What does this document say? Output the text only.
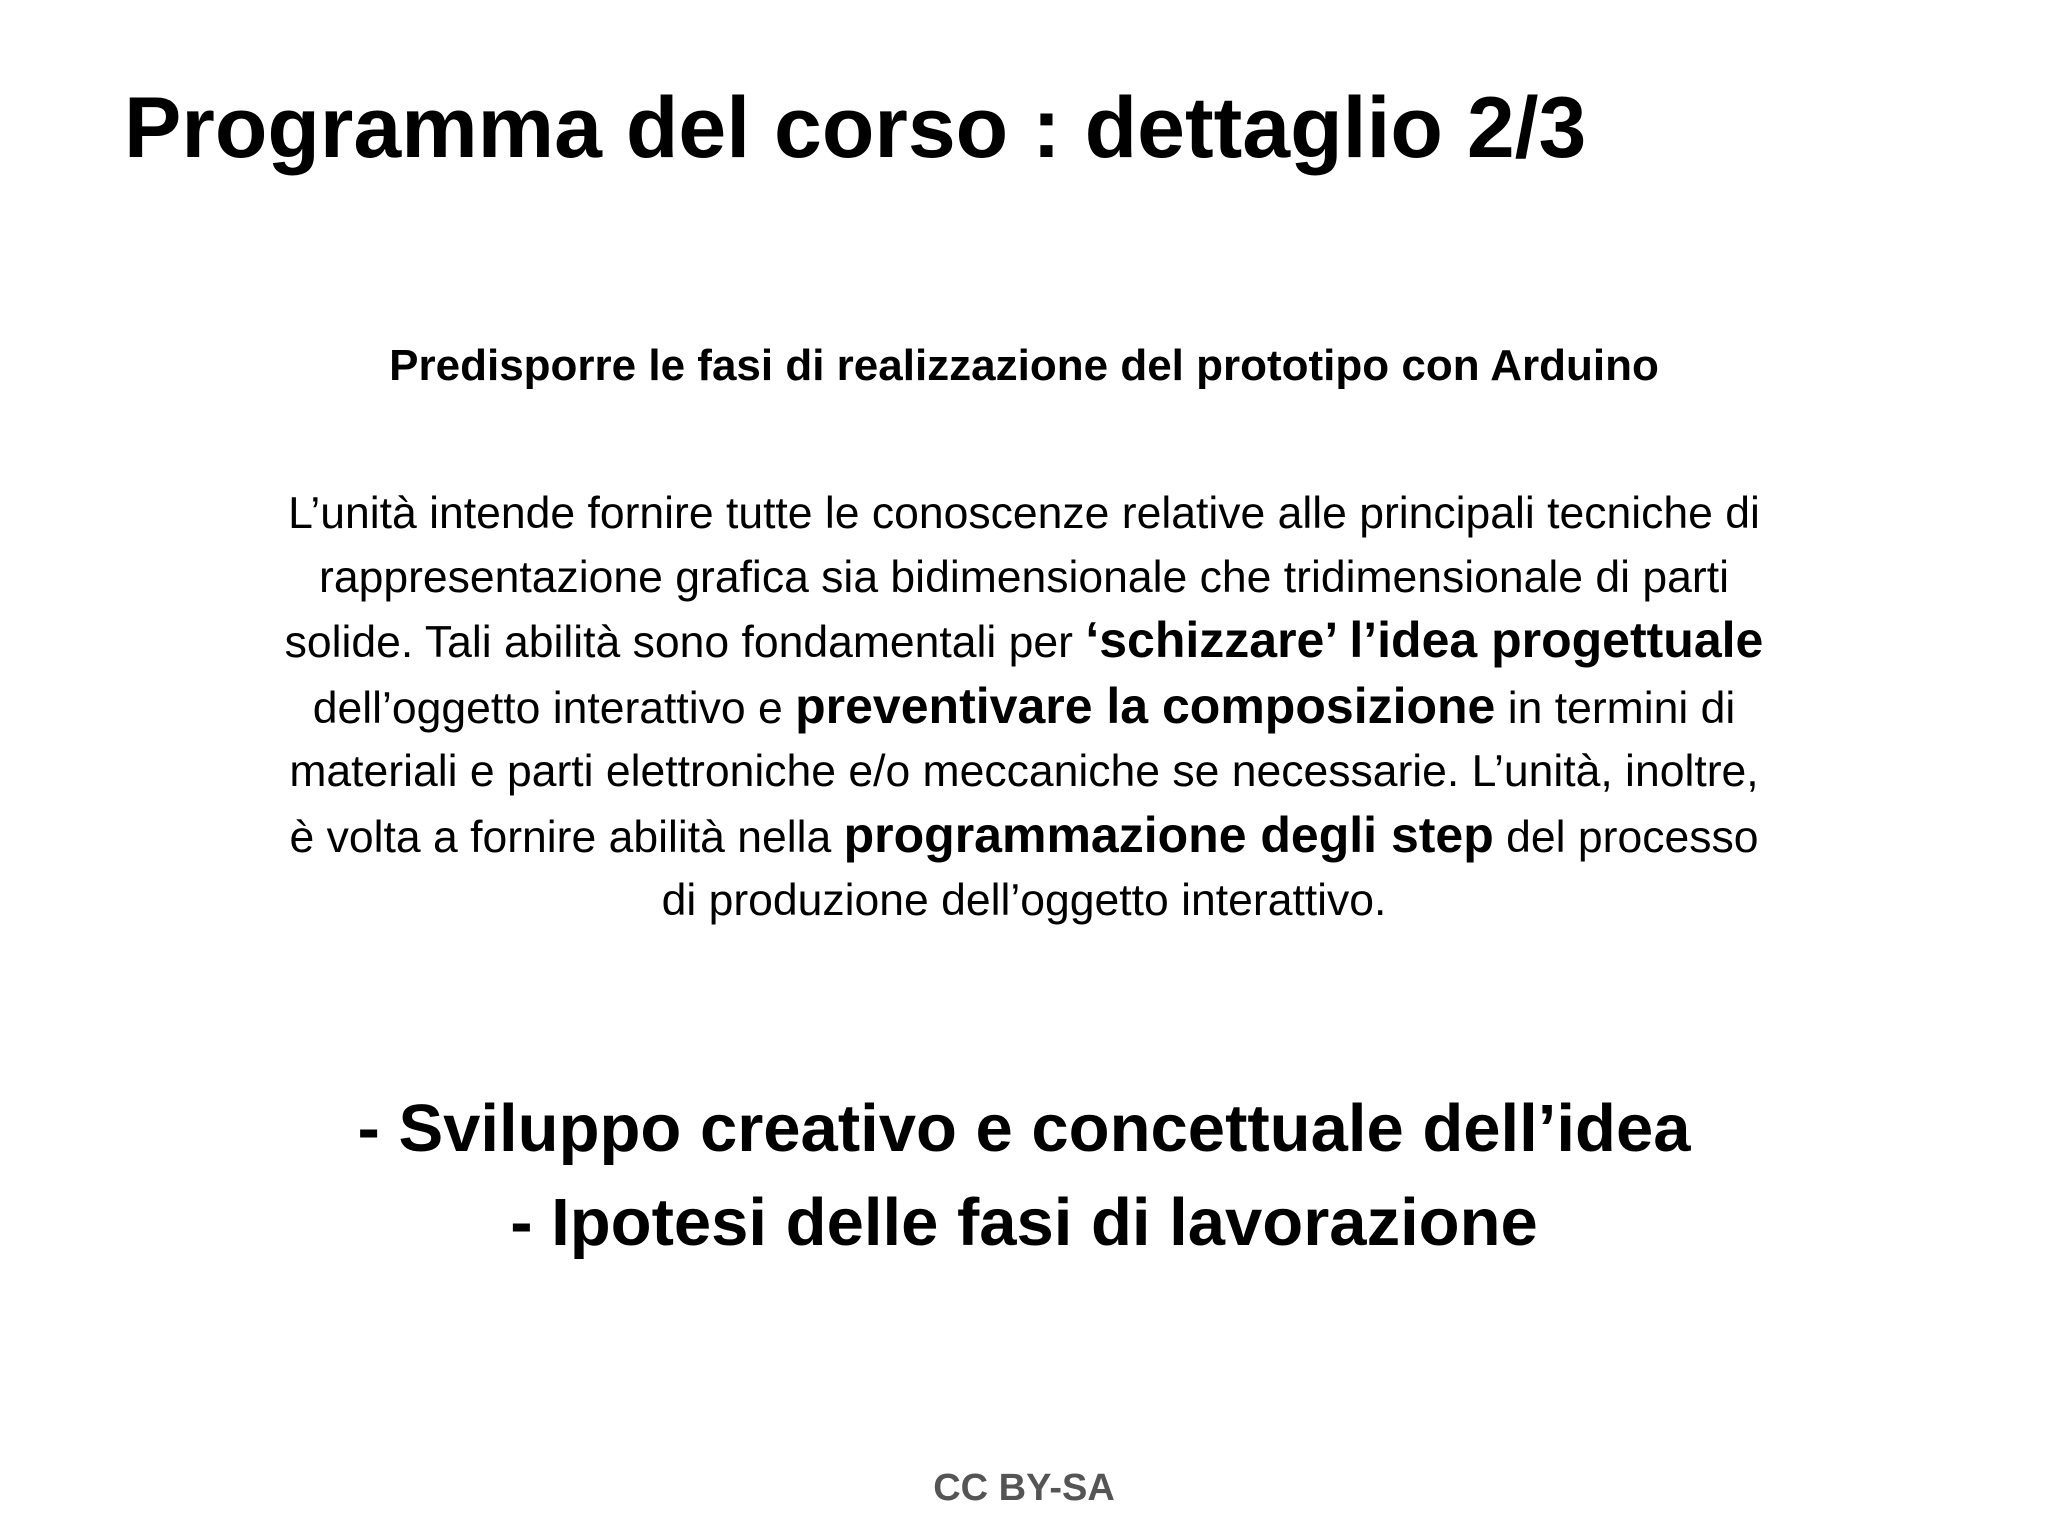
Programma del corso : dettaglio 2/3

Predisporre le fasi di realizzazione del prototipo con Arduino

L’unità intende fornire tutte le conoscenze relative alle principali tecniche di
rappresentazione grafica sia bidimensionale che tridimensionale di parti
solide. Tali abilità sono fondamentali per ‘schizzare’ l’idea progettuale
dell’oggetto interattivo e preventivare la composizione in termini di
materiali e parti elettroniche e/o meccaniche se necessarie. L’unità, inoltre,
è volta a fornire abilità nella programmazione degli step del processo
di produzione dell’oggetto interattivo.

- Sviluppo creativo e concettuale dell’idea
- Ipotesi delle fasi di lavorazione

CC BY-SA
